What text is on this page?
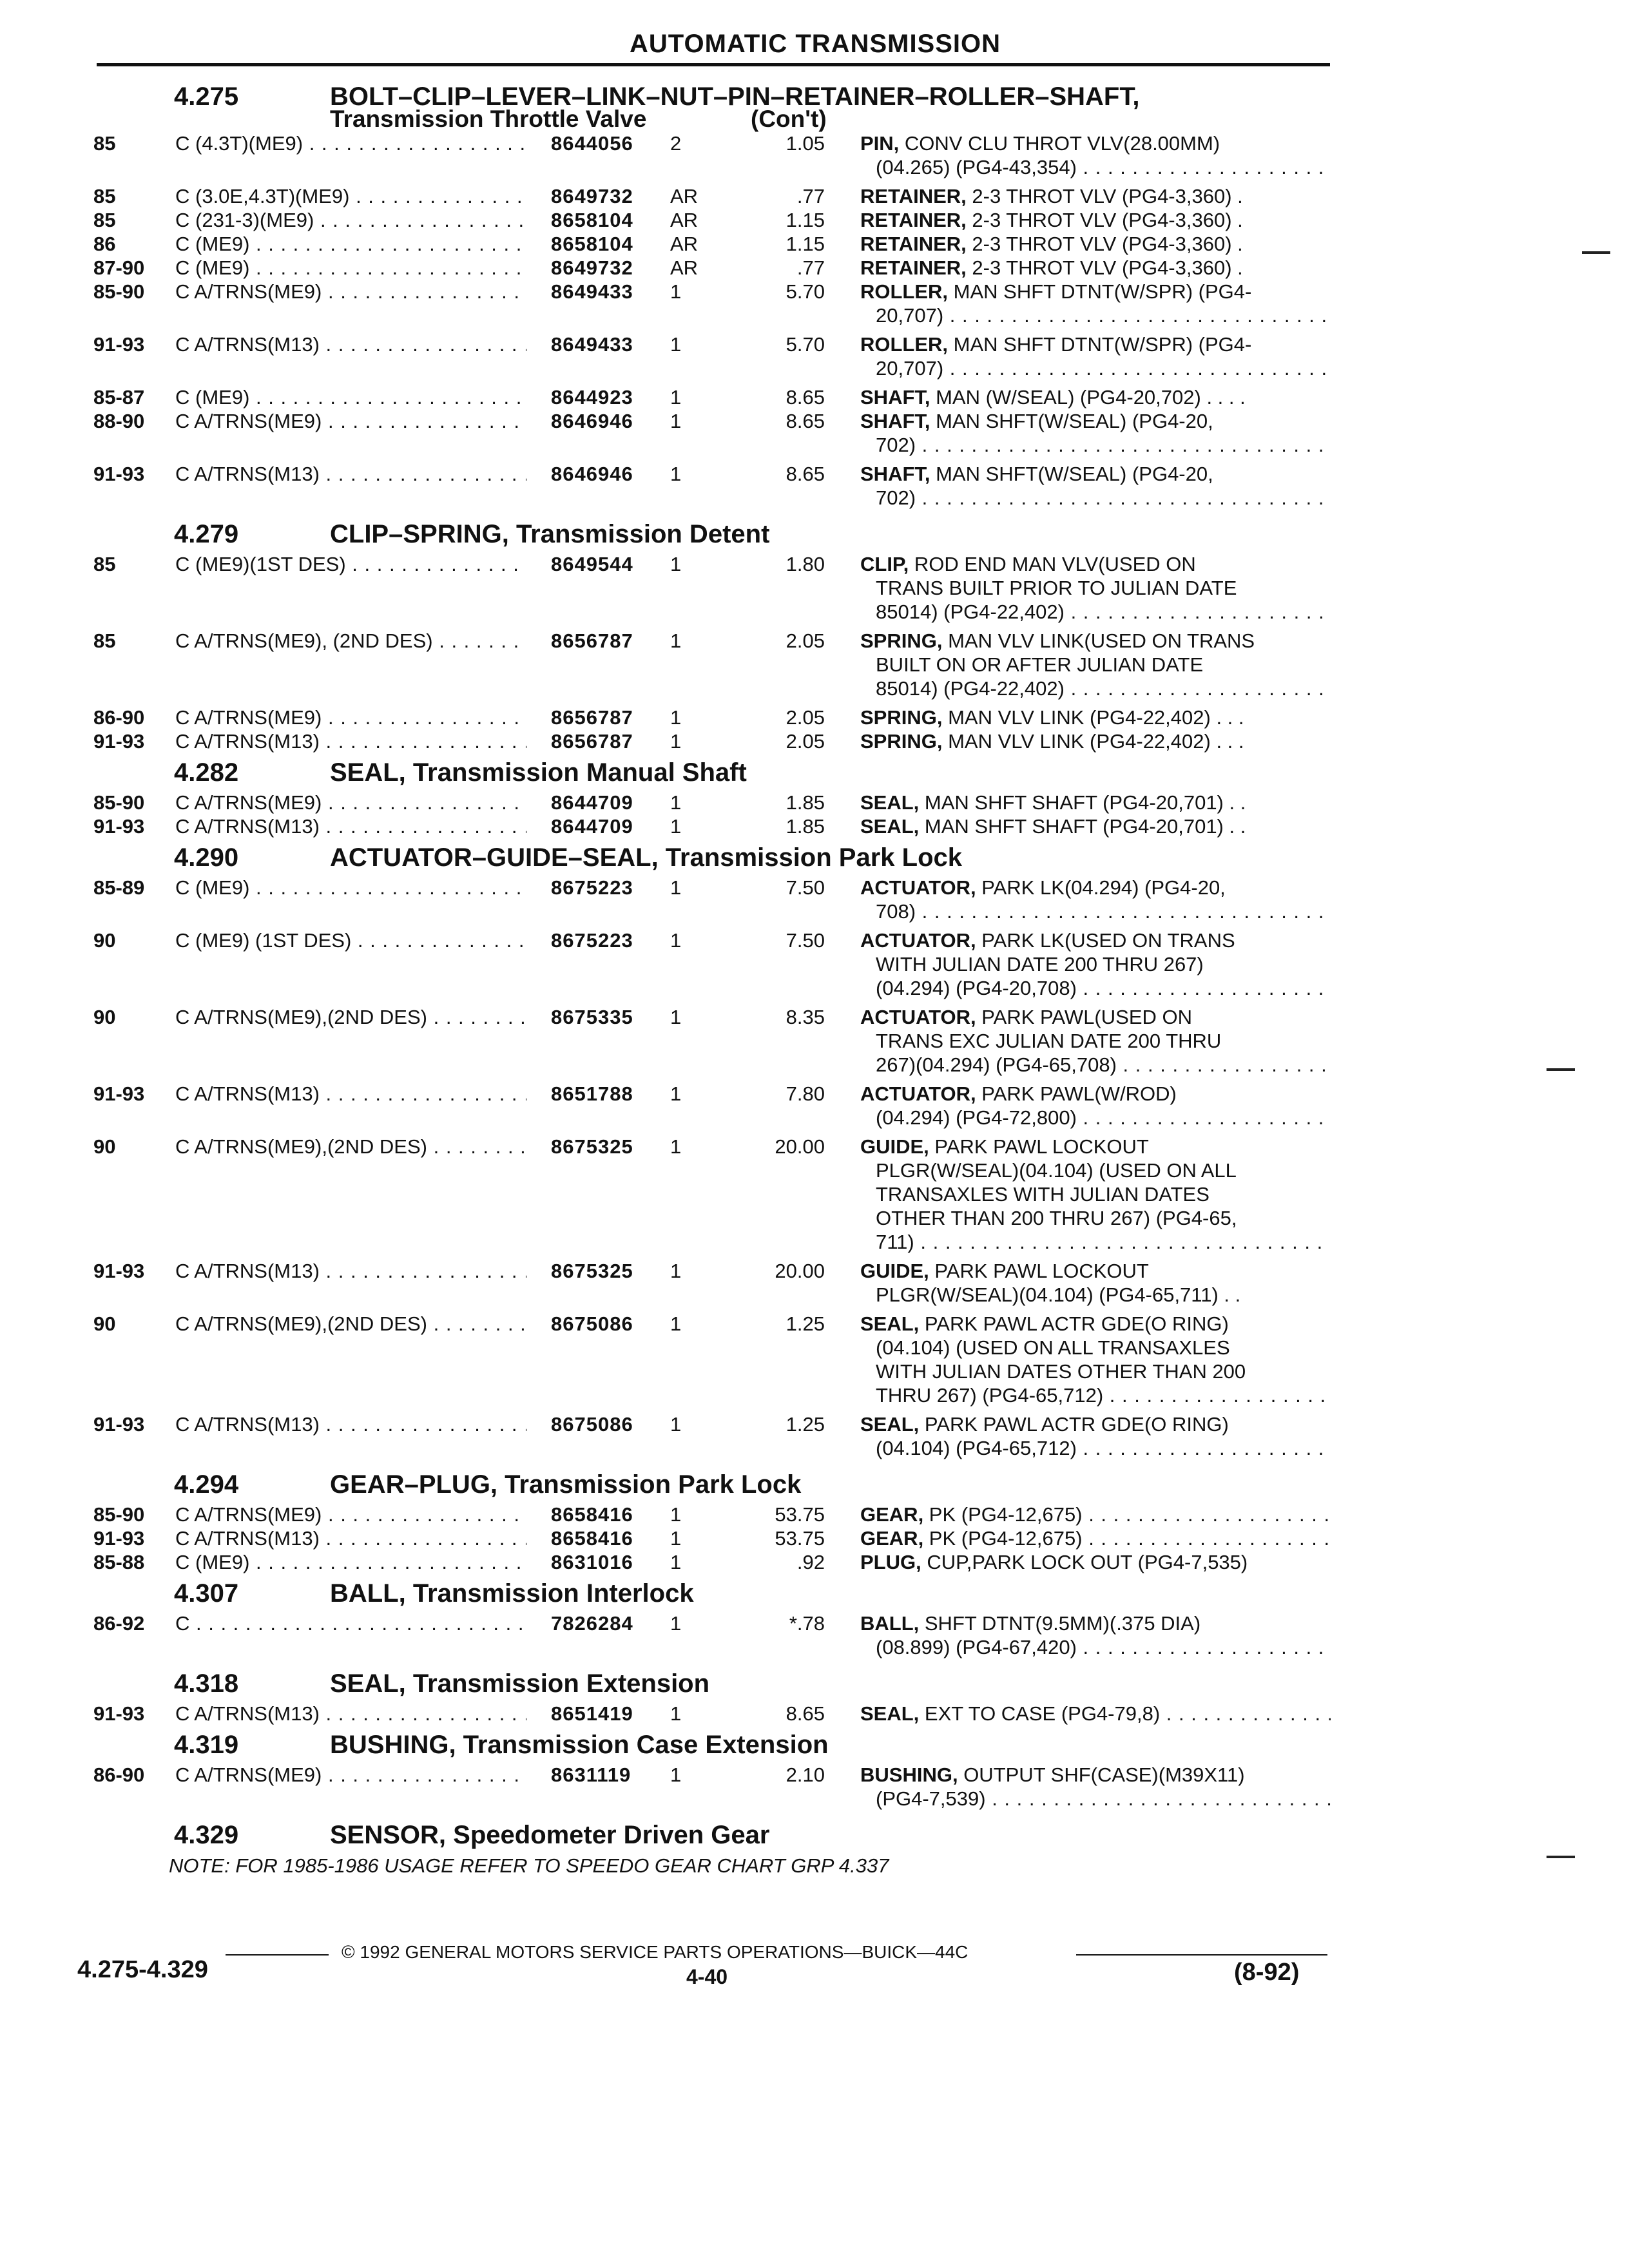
AUTOMATIC TRANSMISSION
4.275	BOLT–CLIP–LEVER–LINK–NUT–PIN–RETAINER–ROLLER–SHAFT,
Transmission Throttle Valve	(Con't)
85	C (4.3T)(ME9) . . .	8644056 2	1.05 PIN, CONV CLU THROT VLV(28.00MM)
(04.265) (PG4-43,354) . . .
85	C (3.0E,4.3T)(ME9) . . .	8649732 AR	.77 RETAINER, 2-3 THROT VLV (PG4-3,360) .
85	C (231-3)(ME9) . . .	8658104 AR	1.15 RETAINER, 2-3 THROT VLV (PG4-3,360) .
86	C (ME9) . . .	8658104 AR	1.15 RETAINER, 2-3 THROT VLV (PG4-3,360) .
87-90 C (ME9) . . .	8649732 AR	.77 RETAINER, 2-3 THROT VLV (PG4-3,360) .
85-90 C A/TRNS(ME9) . . .	8649433 1	5.70 ROLLER, MAN SHFT DTNT(W/SPR) (PG4-
20,707) . . .
91-93 C A/TRNS(M13) . . .	8649433 1	5.70 ROLLER, MAN SHFT DTNT(W/SPR) (PG4-
20,707) . . .
85-87 C (ME9) . . .	8644923 1	8.65 SHAFT, MAN (W/SEAL) (PG4-20,702) . . . .
88-90 C A/TRNS(ME9) . . .	8646946 1	8.65 SHAFT, MAN SHFT(W/SEAL) (PG4-20,
702) . . .
91-93 C A/TRNS(M13) . . .	8646946 1	8.65 SHAFT, MAN SHFT(W/SEAL) (PG4-20,
702) . . .
4.279	CLIP–SPRING, Transmission Detent
85	C (ME9)(1ST DES) . . .	8649544 1	1.80 CLIP, ROD END MAN VLV(USED ON
TRANS BUILT PRIOR TO JULIAN DATE
85014) (PG4-22,402) . . .
85	C A/TRNS(ME9), (2ND DES) . . .	8656787 1	2.05 SPRING, MAN VLV LINK(USED ON TRANS
BUILT ON OR AFTER JULIAN DATE
85014) (PG4-22,402) . . .
86-90 C A/TRNS(ME9) . . .	8656787 1	2.05 SPRING, MAN VLV LINK (PG4-22,402) . . .
91-93 C A/TRNS(M13) . . .	8656787 1	2.05 SPRING, MAN VLV LINK (PG4-22,402) . . .
4.282	SEAL, Transmission Manual Shaft
85-90 C A/TRNS(ME9) . . .	8644709 1	1.85 SEAL, MAN SHFT SHAFT (PG4-20,701) . .
91-93 C A/TRNS(M13) . . .	8644709 1	1.85 SEAL, MAN SHFT SHAFT (PG4-20,701) . .
4.290	ACTUATOR–GUIDE–SEAL, Transmission Park Lock
85-89 C (ME9) . . .	8675223 1	7.50 ACTUATOR, PARK LK(04.294) (PG4-20,
708) . . .
90	C (ME9) (1ST DES) . . .	8675223 1	7.50 ACTUATOR, PARK LK(USED ON TRANS
WITH JULIAN DATE 200 THRU 267)
(04.294) (PG4-20,708) . . .
90	C A/TRNS(ME9),(2ND DES) . . .	8675335 1	8.35 ACTUATOR, PARK PAWL(USED ON
TRANS EXC JULIAN DATE 200 THRU
267)(04.294) (PG4-65,708) . . .
91-93 C A/TRNS(M13) . . .	8651788 1	7.80 ACTUATOR, PARK PAWL(W/ROD)
(04.294) (PG4-72,800) . . .
90	C A/TRNS(ME9),(2ND DES) . . .	8675325 1	20.00 GUIDE, PARK PAWL LOCKOUT
PLGR(W/SEAL)(04.104) (USED ON ALL
TRANSAXLES WITH JULIAN DATES
OTHER THAN 200 THRU 267) (PG4-65,
711) . . .
91-93 C A/TRNS(M13) . . .	8675325 1	20.00 GUIDE, PARK PAWL LOCKOUT
PLGR(W/SEAL)(04.104) (PG4-65,711) . .
90	C A/TRNS(ME9),(2ND DES) . . .	8675086 1	1.25 SEAL, PARK PAWL ACTR GDE(O RING)
(04.104) (USED ON ALL TRANSAXLES
WITH JULIAN DATES OTHER THAN 200
THRU 267) (PG4-65,712) . . .
91-93 C A/TRNS(M13) . . .	8675086 1	1.25 SEAL, PARK PAWL ACTR GDE(O RING)
(04.104) (PG4-65,712) . . .
4.294	GEAR–PLUG, Transmission Park Lock
85-90 C A/TRNS(ME9) . . .	8658416 1	53.75 GEAR, PK (PG4-12,675) . . .
91-93 C A/TRNS(M13) . . .	8658416 1	53.75 GEAR, PK (PG4-12,675) . . .
85-88 C (ME9) . . .	8631016 1	.92 PLUG, CUP,PARK LOCK OUT (PG4-7,535)
4.307	BALL, Transmission Interlock
86-92 C . . .	7826284 1	*.78 BALL, SHFT DTNT(9.5MM)(.375 DIA)
(08.899) (PG4-67,420) . . .
4.318	SEAL, Transmission Extension
91-93 C A/TRNS(M13) . . .	8651419 1	8.65 SEAL, EXT TO CASE (PG4-79,8) . . .
4.319	BUSHING, Transmission Case Extension
86-90 C A/TRNS(ME9) . . .	8631119 1	2.10 BUSHING, OUTPUT SHF(CASE)(M39X11)
(PG4-7,539) . . .
4.329	SENSOR, Speedometer Driven Gear
NOTE: FOR 1985-1986 USAGE REFER TO SPEEDO GEAR CHART GRP 4.337
© 1992 GENERAL MOTORS SERVICE PARTS OPERATIONS—BUICK—44C
4.275-4.329	4-40	(8-92)
